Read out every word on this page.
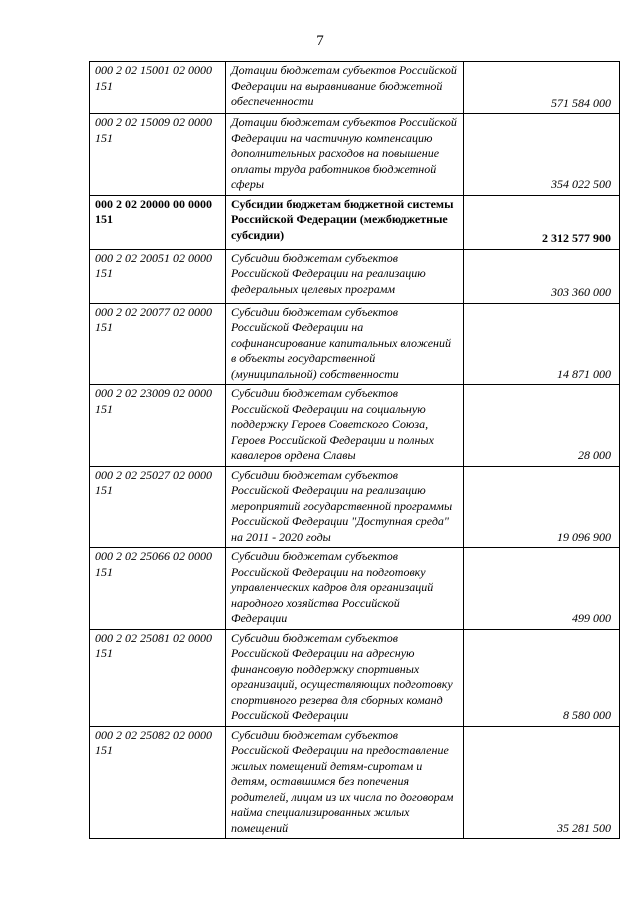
7
000 2 02 15001 02 0000 151	Дотации бюджетам субъектов Российской Федерации на выравнивание бюджетной обеспеченности	571 584 000
000 2 02 15009 02 0000 151	Дотации бюджетам субъектов Российской Федерации на частичную компенсацию дополнительных расходов на повышение оплаты труда работников бюджетной сферы	354 022 500
000 2 02 20000 00 0000 151	Субсидии бюджетам бюджетной системы Российской Федерации (межбюджетные субсидии)	2 312 577 900
000 2 02 20051 02 0000 151	Субсидии бюджетам субъектов Российской Федерации на реализацию федеральных целевых программ	303 360 000
000 2 02 20077 02 0000 151	Субсидии бюджетам субъектов Российской Федерации на софинансирование капитальных вложений в объекты государственной (муниципальной) собственности	14 871 000
000 2 02 23009 02 0000 151	Субсидии бюджетам субъектов Российской Федерации на социальную поддержку Героев Советского Союза, Героев Российской Федерации и полных кавалеров ордена Славы	28 000
000 2 02 25027 02 0000 151	Субсидии бюджетам субъектов Российской Федерации на реализацию мероприятий государственной программы Российской Федерации "Доступная среда" на 2011 - 2020 годы	19 096 900
000 2 02 25066 02 0000 151	Субсидии бюджетам субъектов Российской Федерации на подготовку управленческих кадров для организаций народного хозяйства Российской Федерации	499 000
000 2 02 25081 02 0000 151	Субсидии бюджетам субъектов Российской Федерации на адресную финансовую поддержку спортивных организаций, осуществляющих подготовку спортивного резерва для сборных команд Российской Федерации	8 580 000
000 2 02 25082 02 0000 151	Субсидии бюджетам субъектов Российской Федерации на предоставление жилых помещений детям-сиротам и детям, оставшимся без попечения родителей, лицам из их числа по договорам найма специализированных жилых помещений	35 281 500
